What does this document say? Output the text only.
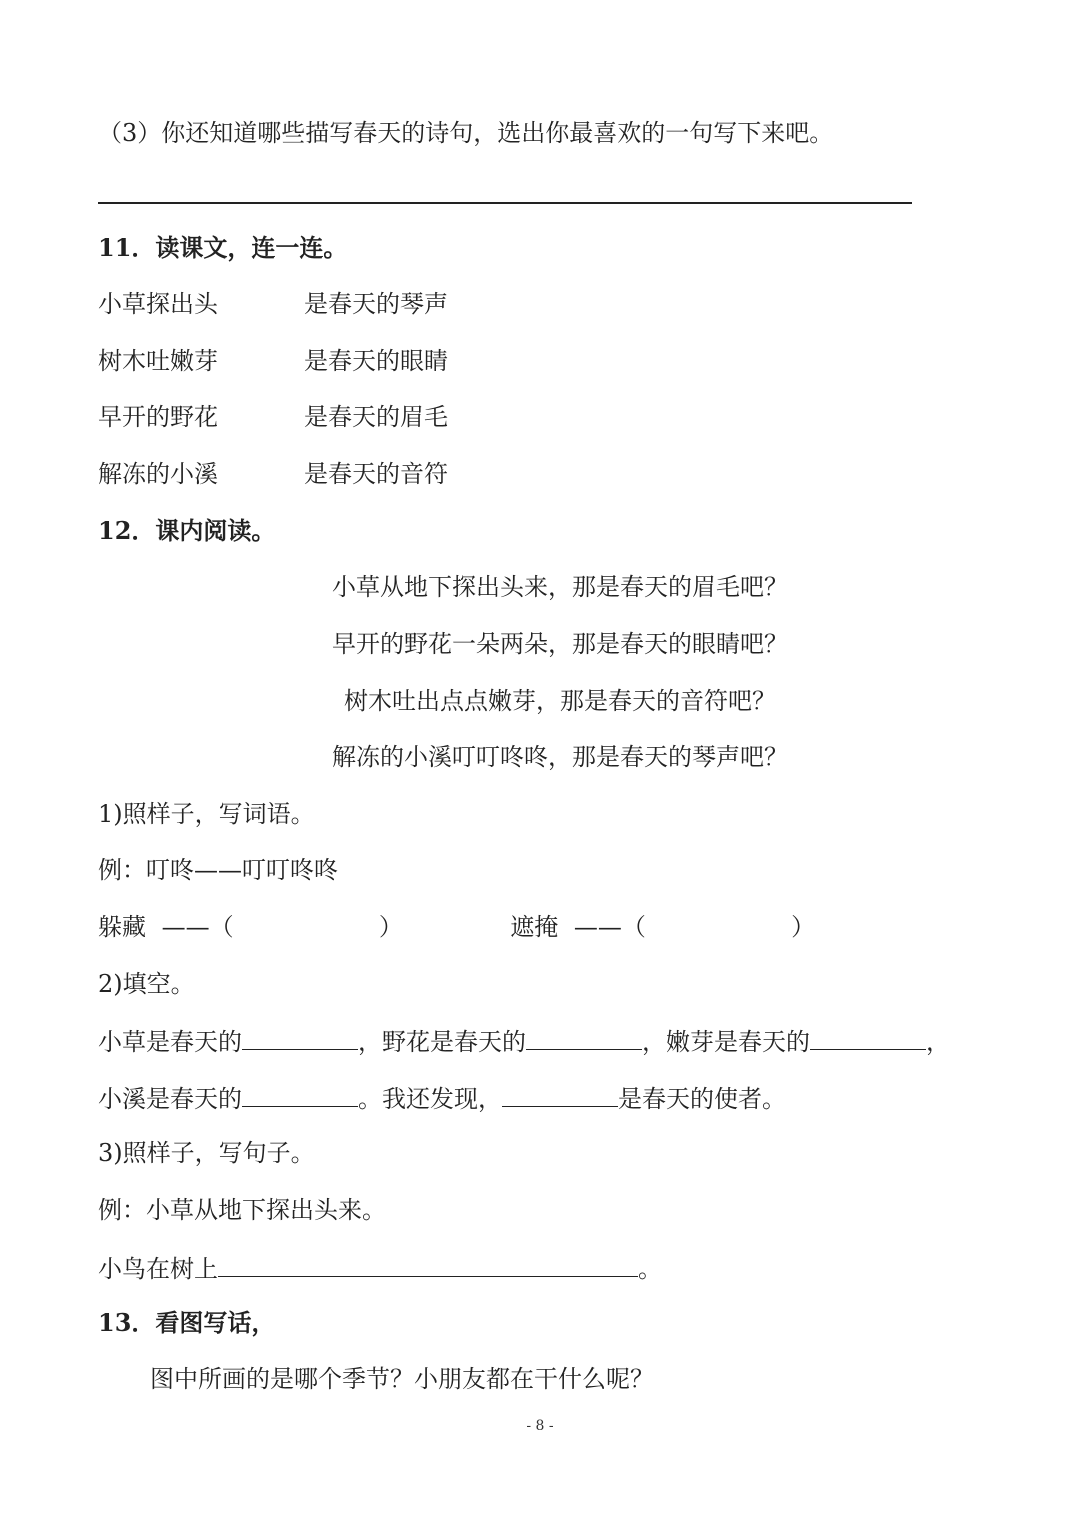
（3）你还知道哪些描写春天的诗句，选出你最喜欢的一句写下来吧。
11．读课文，连一连。
小草探出头	是春天的琴声
树木吐嫩芽	是春天的眼睛
早开的野花	是春天的眉毛
解冻的小溪	是春天的音符
12．课内阅读。
小草从地下探出头来，那是春天的眉毛吧？
早开的野花一朵两朵，那是春天的眼睛吧？
树木吐出点点嫩芽，那是春天的音符吧？
解冻的小溪叮叮咚咚，那是春天的琴声吧？
1)照样子，写词语。
例：叮咚——叮叮咚咚
躲藏 ——（	）	遮掩 ——（	）
2)填空。
小草是春天的	，野花是春天的	，嫩芽是春天的	，
小溪是春天的	。我还发现，	是春天的使者。
3)照样子，写句子。
例：小草从地下探出头来。
小鸟在树上	。
13．看图写话，
图中所画的是哪个季节？小朋友都在干什么呢？
- 8 -
